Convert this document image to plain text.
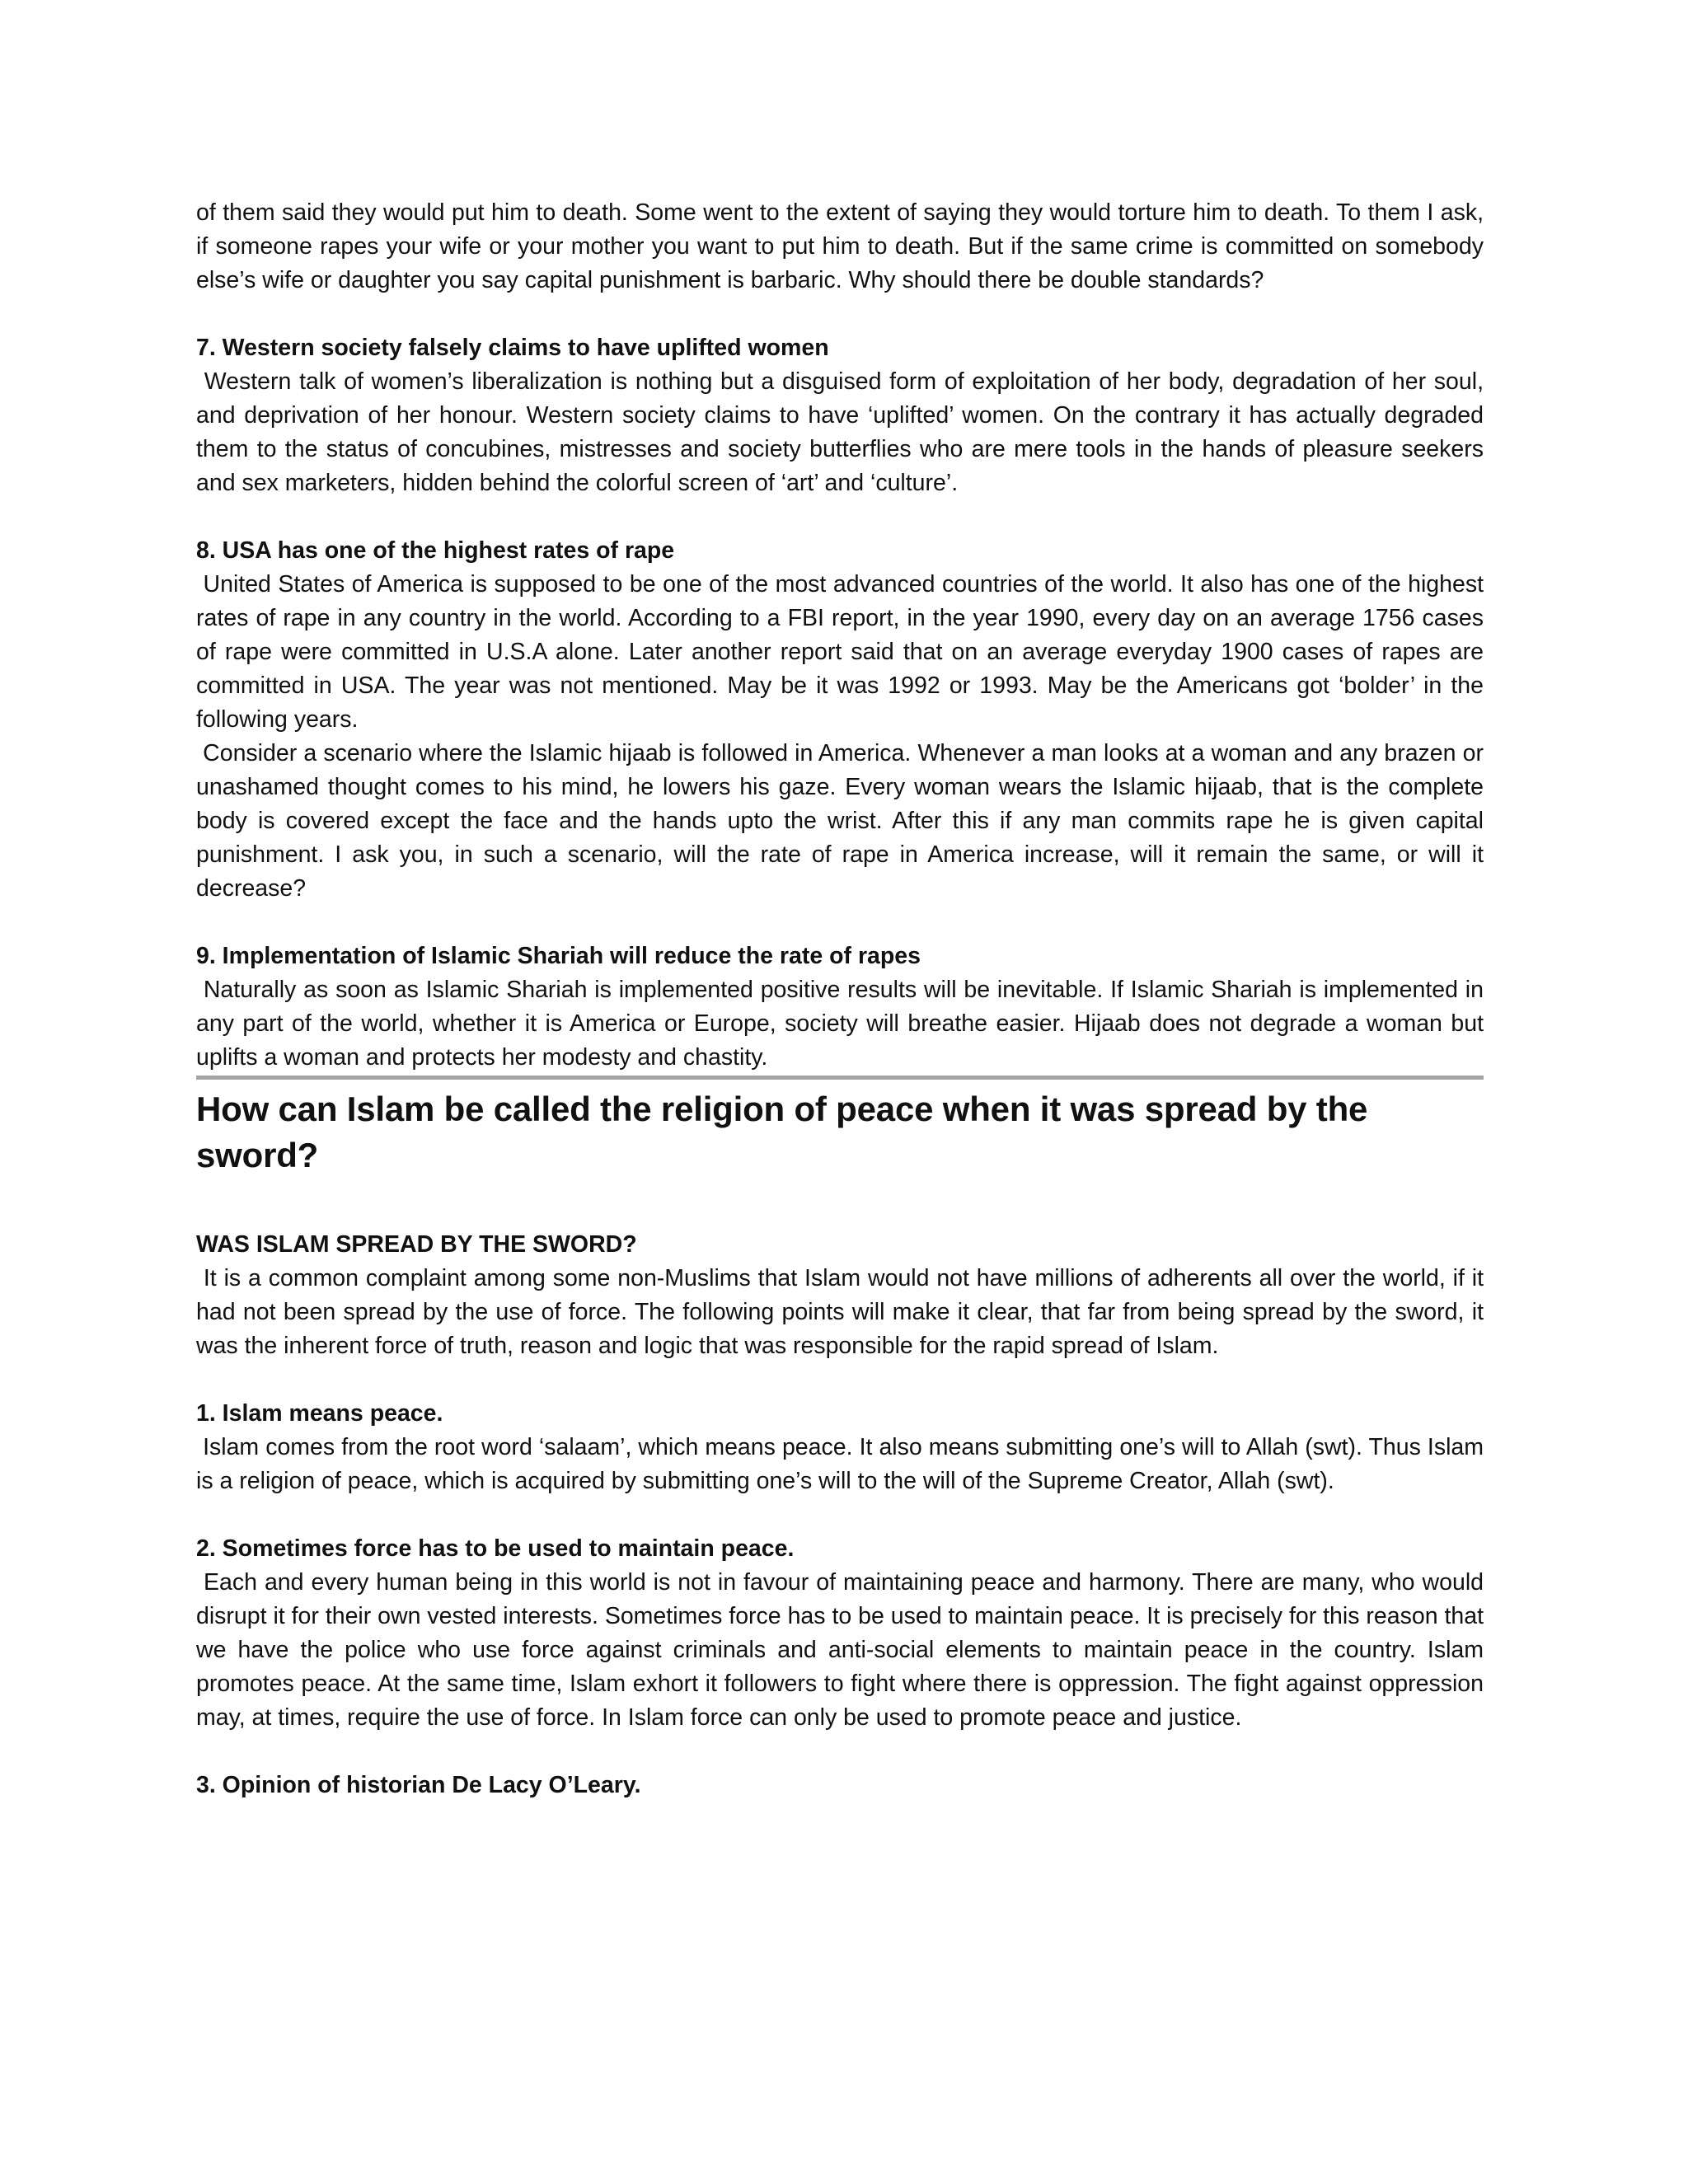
of them said they would put him to death. Some went to the extent of saying they would torture him to death. To them I ask, if someone rapes your wife or your mother you want to put him to death. But if the same crime is committed on somebody else’s wife or daughter you say capital punishment is barbaric. Why should there be double standards?

7. Western society falsely claims to have uplifted women

Western talk of women’s liberalization is nothing but a disguised form of exploitation of her body, degradation of her soul, and deprivation of her honour. Western society claims to have ‘uplifted’ women. On the contrary it has actually degraded them to the status of concubines, mistresses and society butterflies who are mere tools in the hands of pleasure seekers and sex marketers, hidden behind the colorful screen of ‘art’ and ‘culture’.

8. USA has one of the highest rates of rape

United States of America is supposed to be one of the most advanced countries of the world. It also has one of the highest rates of rape in any country in the world. According to a FBI report, in the year 1990, every day on an average 1756 cases of rape were committed in U.S.A alone. Later another report said that on an average everyday 1900 cases of rapes are committed in USA. The year was not mentioned. May be it was 1992 or 1993. May be the Americans got ‘bolder’ in the following years.

Consider a scenario where the Islamic hijaab is followed in America. Whenever a man looks at a woman and any brazen or unashamed thought comes to his mind, he lowers his gaze. Every woman wears the Islamic hijaab, that is the complete body is covered except the face and the hands upto the wrist. After this if any man commits rape he is given capital punishment. I ask you, in such a scenario, will the rate of rape in America increase, will it remain the same, or will it decrease?

9. Implementation of Islamic Shariah will reduce the rate of rapes

Naturally as soon as Islamic Shariah is implemented positive results will be inevitable. If Islamic Shariah is implemented in any part of the world, whether it is America or Europe, society will breathe easier. Hijaab does not degrade a woman but uplifts a woman and protects her modesty and chastity.

How can Islam be called the religion of peace when it was spread by the sword?

WAS ISLAM SPREAD BY THE SWORD?

It is a common complaint among some non-Muslims that Islam would not have millions of adherents all over the world, if it had not been spread by the use of force. The following points will make it clear, that far from being spread by the sword, it was the inherent force of truth, reason and logic that was responsible for the rapid spread of Islam.

1. Islam means peace.

Islam comes from the root word ‘salaam’, which means peace. It also means submitting one’s will to Allah (swt). Thus Islam is a religion of peace, which is acquired by submitting one’s will to the will of the Supreme Creator, Allah (swt).

2. Sometimes force has to be used to maintain peace.

Each and every human being in this world is not in favour of maintaining peace and harmony. There are many, who would disrupt it for their own vested interests. Sometimes force has to be used to maintain peace. It is precisely for this reason that we have the police who use force against criminals and anti-social elements to maintain peace in the country. Islam promotes peace. At the same time, Islam exhort it followers to fight where there is oppression. The fight against oppression may, at times, require the use of force. In Islam force can only be used to promote peace and justice.

3. Opinion of historian De Lacy O’Leary.
